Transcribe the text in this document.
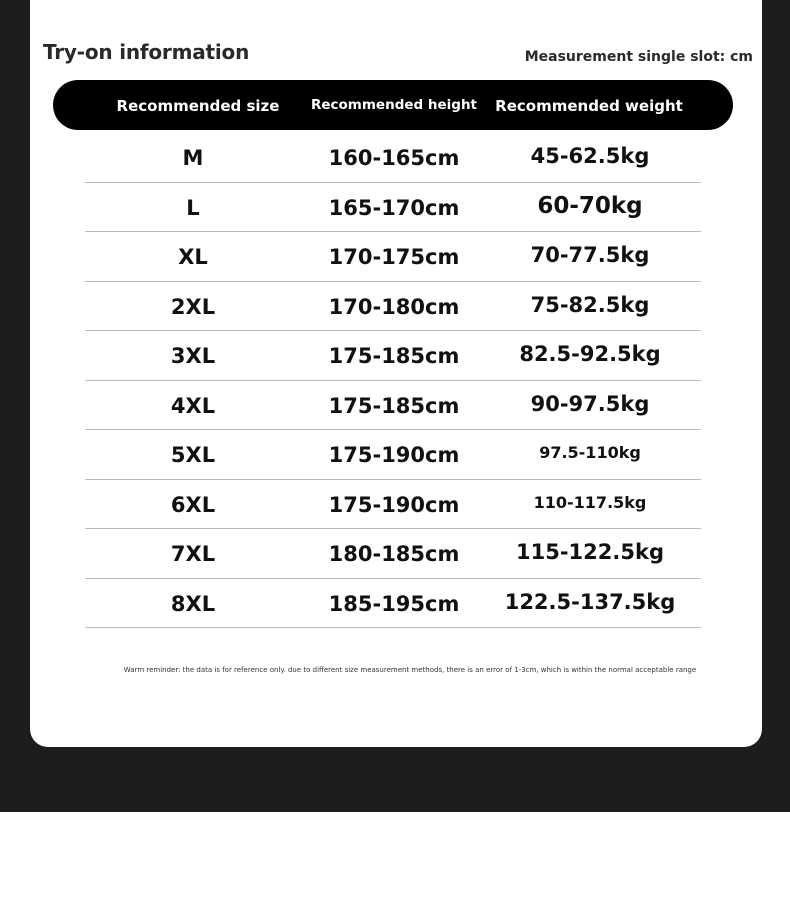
Try-on information	Measurement single slot: cm
Recommended size	Recommended height	Recommended weight
M	160-165cm	45-62.5kg
L	165-170cm	60-70kg
XL	170-175cm	70-77.5kg
2XL	170-180cm	75-82.5kg
3XL	175-185cm	82.5-92.5kg
4XL	175-185cm	90-97.5kg
5XL	175-190cm	97.5-110kg
6XL	175-190cm	110-117.5kg
7XL	180-185cm	115-122.5kg
8XL	185-195cm	122.5-137.5kg
Warm reminder: the data is for reference only. due to different size measurement methods, there is an error of 1-3cm, which is within the normal acceptable range
